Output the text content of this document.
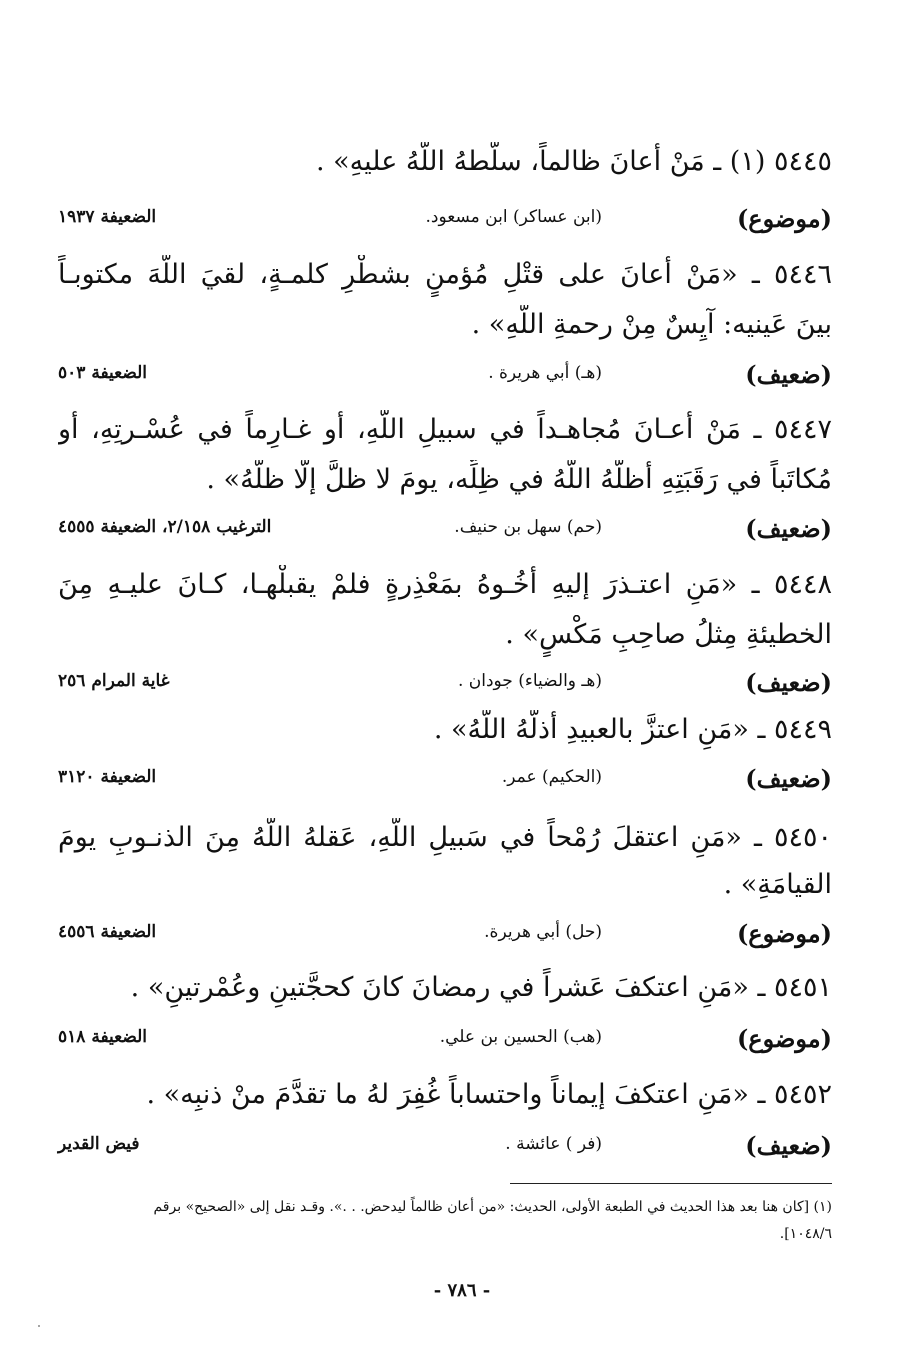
٥٤٤٥ (١) ـ مَنْ أعانَ ظالماً، سلَّطهُ اللّهُ عليهِ» .
(موضوع)
(ابن عساكر) ابن مسعود.
الضعيفة ١٩٣٧
٥٤٤٦ ـ «مَنْ أعانَ على قتْلِ مُؤمنٍ بشطْرِ كلمـةٍ، لقيَ اللّهَ مكتوبـاً
بينَ عَينيه: آيِسٌ مِنْ رحمةِ اللّهِ» .
(ضعيف)
(هـ) أبي هريرة .
الضعيفة ٥٠٣
٥٤٤٧ ـ مَنْ أعـانَ مُجاهـداً في سبيلِ اللّهِ، أو غـارِماً في عُسْـرتِهِ، أو
مُكاتَباً في رَقَبَتِهِ أظلَّهُ اللّهُ في ظِلِّه، يومَ لا ظلَّ إلّا ظلُّهُ» .
(ضعيف)
(حم) سهل بن حنيف.
الترغيب ٢/١٥٨، الضعيفة ٤٥٥٥
٥٤٤٨ ـ «مَنِ اعتـذرَ إليهِ أخُـوهُ بمَعْذِرةٍ فلمْ يقبلْهـا، كـانَ عليـهِ مِنَ
الخطيئةِ مِثلُ صاحِبِ مَكْسٍ» .
(ضعيف)
(هـ والضياء) جودان .
غاية المرام ٢٥٦
٥٤٤٩ ـ «مَنِ اعتزَّ بالعبيدِ أذلَّهُ اللّهُ» .
(ضعيف)
(الحكيم) عمر.
الضعيفة ٣١٢٠
٥٤٥٠ ـ «مَنِ اعتقلَ رُمْحاً في سَبيلِ اللّهِ، عَقلهُ اللّهُ مِنَ الذنـوبِ يومَ
القيامَةِ» .
(موضوع)
(حل) أبي هريرة.
الضعيفة ٤٥٥٦
٥٤٥١ ـ «مَنِ اعتكفَ عَشراً في رمضانَ كانَ كحجَّتينِ وعُمْرتينِ» .
(موضوع)
(هب) الحسين بن علي.
الضعيفة ٥١٨
٥٤٥٢ ـ «مَنِ اعتكفَ إيماناً واحتساباً غُفِرَ لهُ ما تقدَّمَ منْ ذنبِه» .
(ضعيف)
(فر ) عائشة .
فيض القدير
(١) [كان هنا بعد هذا الحديث في الطبعة الأولى، الحديث: «من أعان ظالماً ليدحض. . .». وقـد نقل إلى «الصحيح» برقم
١٠٤٨/٦].
- ٧٨٦ -
